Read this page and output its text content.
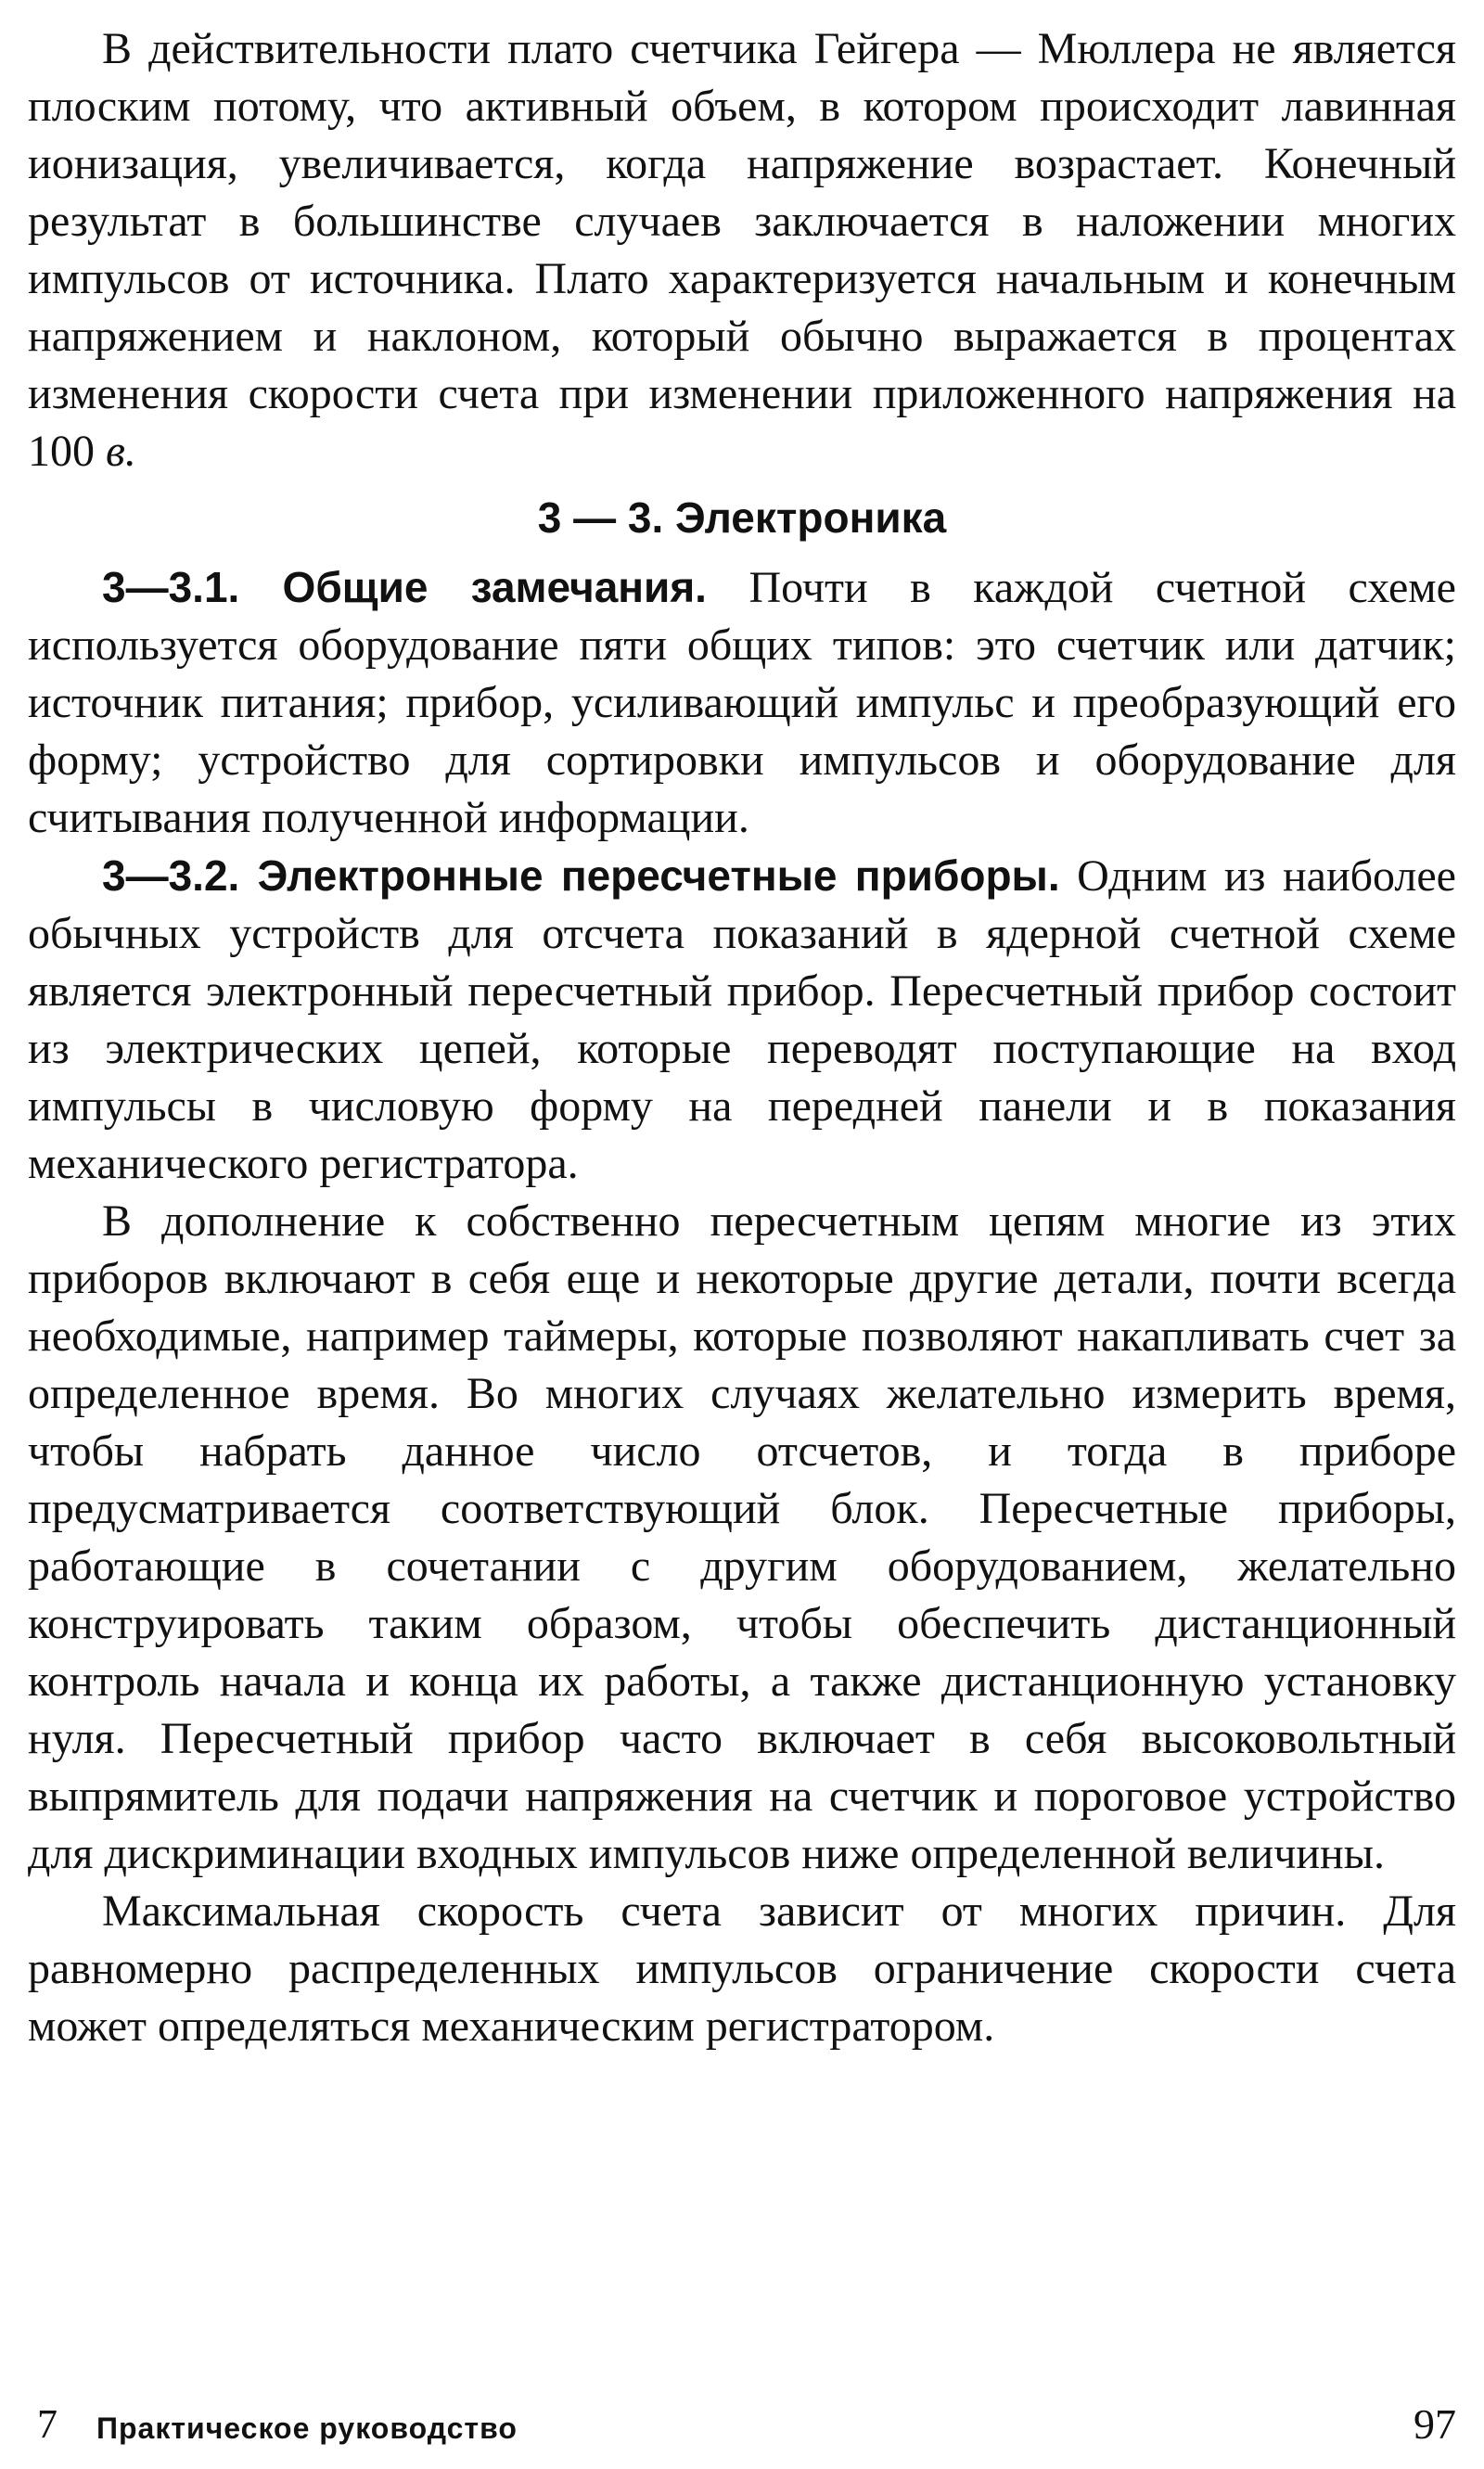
В действительности плато счетчика Гейгера — Мюллера не является плоским потому, что активный объем, в котором происходит лавинная ионизация, увеличивается, когда напряжение возрастает. Конечный результат в большинстве случаев заключается в наложении многих импульсов от источника. Плато характеризуется начальным и конечным напряжением и наклоном, который обычно выражается в процентах изменения скорости счета при изменении приложенного напряжения на 100 в.

3 — 3. Электроника

3—3.1. Общие замечания. Почти в каждой счетной схеме используется оборудование пяти общих типов: это счетчик или датчик; источник питания; прибор, усиливающий импульс и преобразующий его форму; устройство для сортировки импульсов и оборудование для считывания полученной информации.

3—3.2. Электронные пересчетные приборы. Одним из наиболее обычных устройств для отсчета показаний в ядерной счетной схеме является электронный пересчетный прибор. Пересчетный прибор состоит из электрических цепей, которые переводят поступающие на вход импульсы в числовую форму на передней панели и в показания механического регистратора.

В дополнение к собственно пересчетным цепям многие из этих приборов включают в себя еще и некоторые другие детали, почти всегда необходимые, например таймеры, которые позволяют накапливать счет за определенное время. Во многих случаях желательно измерить время, чтобы набрать данное число отсчетов, и тогда в приборе предусматривается соответствующий блок. Пересчетные приборы, работающие в сочетании с другим оборудованием, желательно конструировать таким образом, чтобы обеспечить дистанционный контроль начала и конца их работы, а также дистанционную установку нуля. Пересчетный прибор часто включает в себя высоковольтный выпрямитель для подачи напряжения на счетчик и пороговое устройство для дискриминации входных импульсов ниже определенной величины.

Максимальная скорость счета зависит от многих причин. Для равномерно распределенных импульсов ограничение скорости счета может определяться механическим регистратором.

7 Практическое руководство	97
